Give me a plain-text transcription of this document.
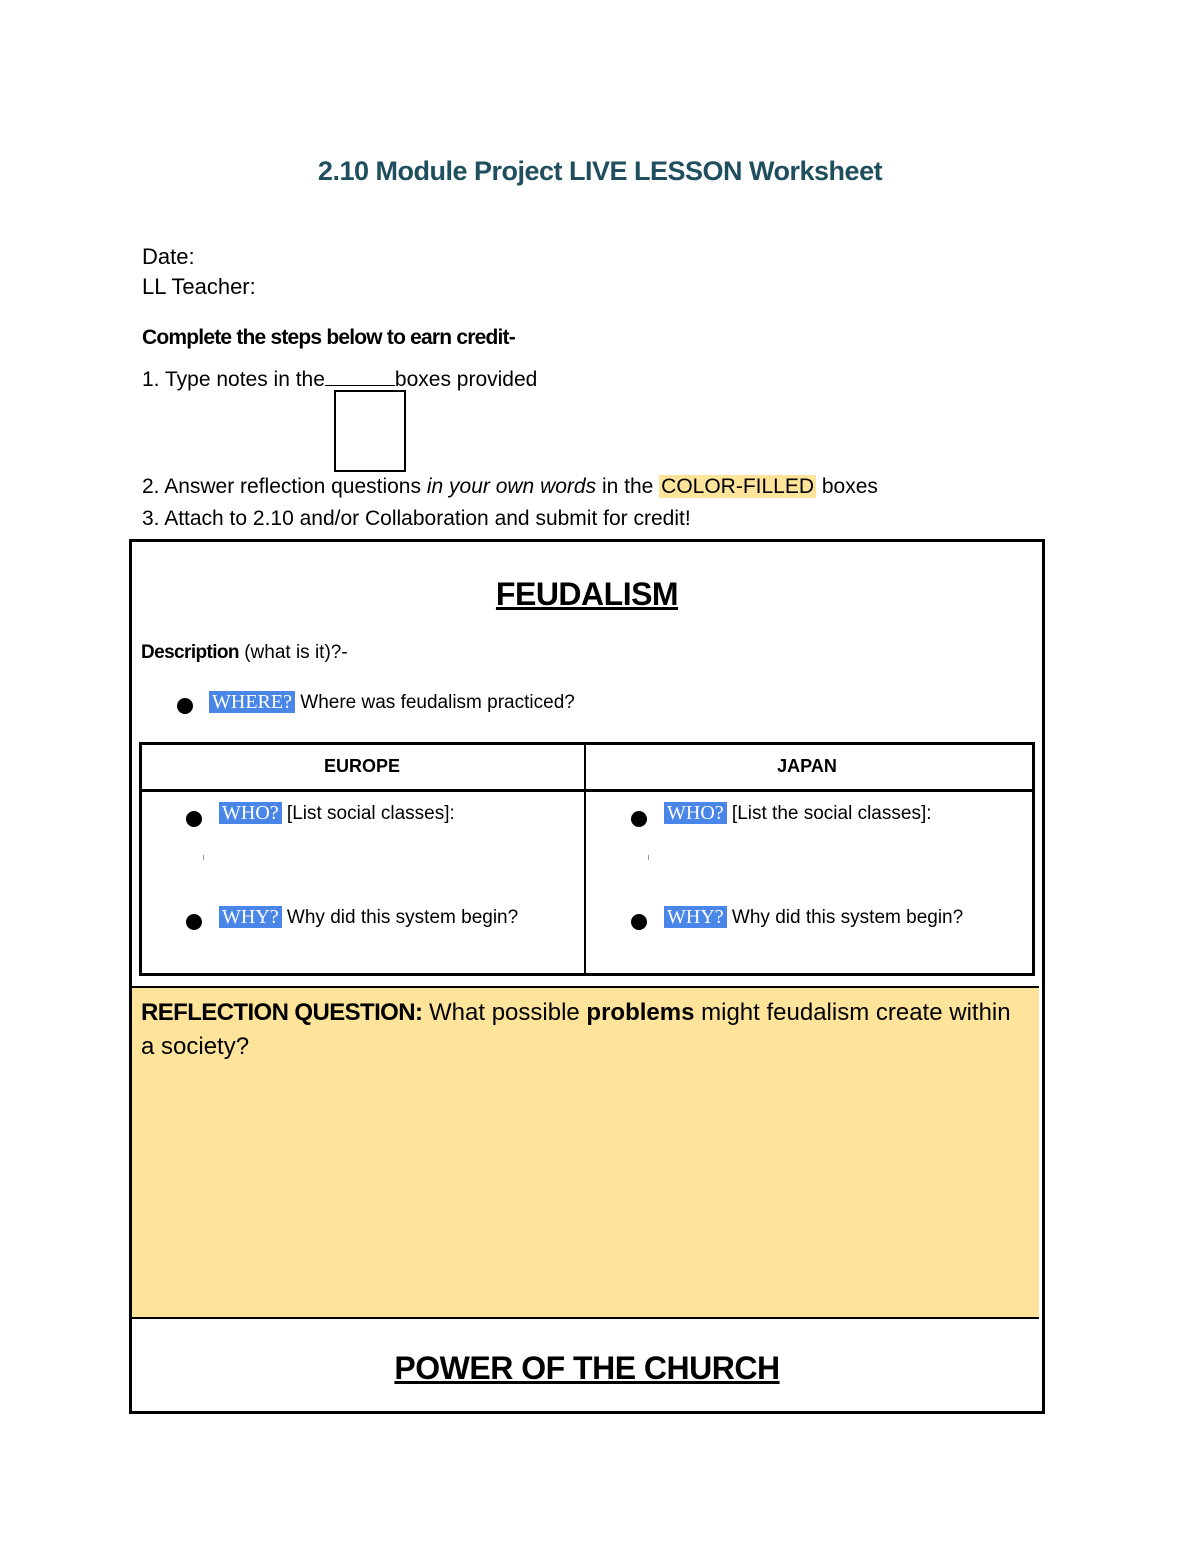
2.10 Module Project LIVE LESSON Worksheet
Date:
LL Teacher:
Complete the steps below to earn credit-
1. Type notes in the	boxes provided
2. Answer reflection questions in your own words in the COLOR-FILLED boxes
3. Attach to 2.10 and/or Collaboration and submit for credit!
FEUDALISM
Description (what is it)?-
WHERE? Where was feudalism practiced?
EUROPE	JAPAN
WHO? [List social classes]:
WHY? Why did this system begin?
WHO? [List the social classes]:
WHY? Why did this system begin?
REFLECTION QUESTION: What possible problems might feudalism create within a society?
POWER OF THE CHURCH
